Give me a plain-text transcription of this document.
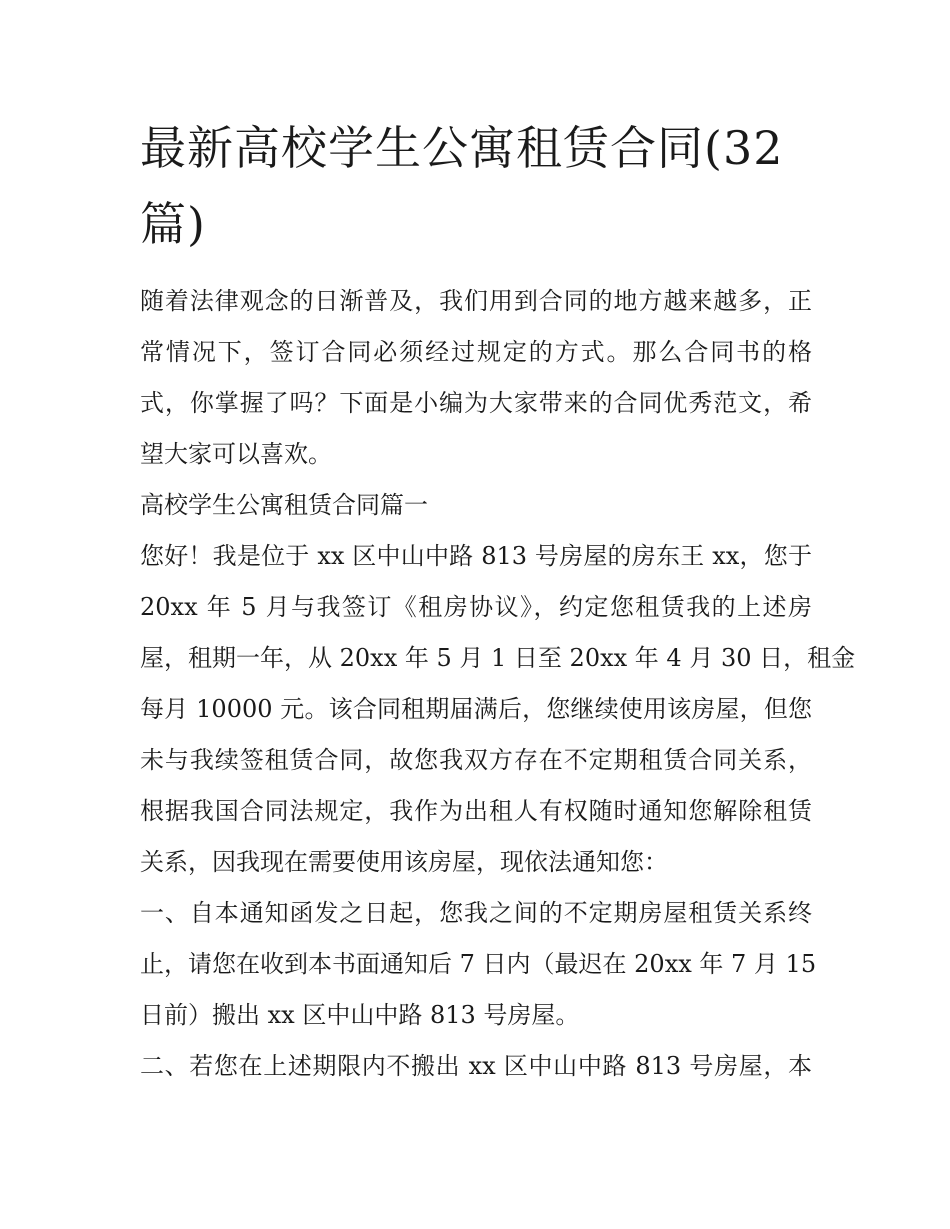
最新高校学生公寓租赁合同(32
篇)
随着法律观念的日渐普及，我们用到合同的地方越来越多，正
常情况下，签订合同必须经过规定的方式。那么合同书的格
式，你掌握了吗？下面是小编为大家带来的合同优秀范文，希
望大家可以喜欢。
高校学生公寓租赁合同篇一
您好！我是位于 xx 区中山中路 813 号房屋的房东王 xx，您于
20xx 年 5 月与我签订《租房协议》，约定您租赁我的上述房
屋，租期一年，从 20xx 年 5 月 1 日至 20xx 年 4 月 30 日，租金
每月 10000 元。该合同租期届满后，您继续使用该房屋，但您
未与我续签租赁合同，故您我双方存在不定期租赁合同关系，
根据我国合同法规定，我作为出租人有权随时通知您解除租赁
关系，因我现在需要使用该房屋，现依法通知您：
一、自本通知函发之日起，您我之间的不定期房屋租赁关系终
止，请您在收到本书面通知后 7 日内（最迟在 20xx 年 7 月 15
日前）搬出 xx 区中山中路 813 号房屋。
二、若您在上述期限内不搬出 xx 区中山中路 813 号房屋，本
